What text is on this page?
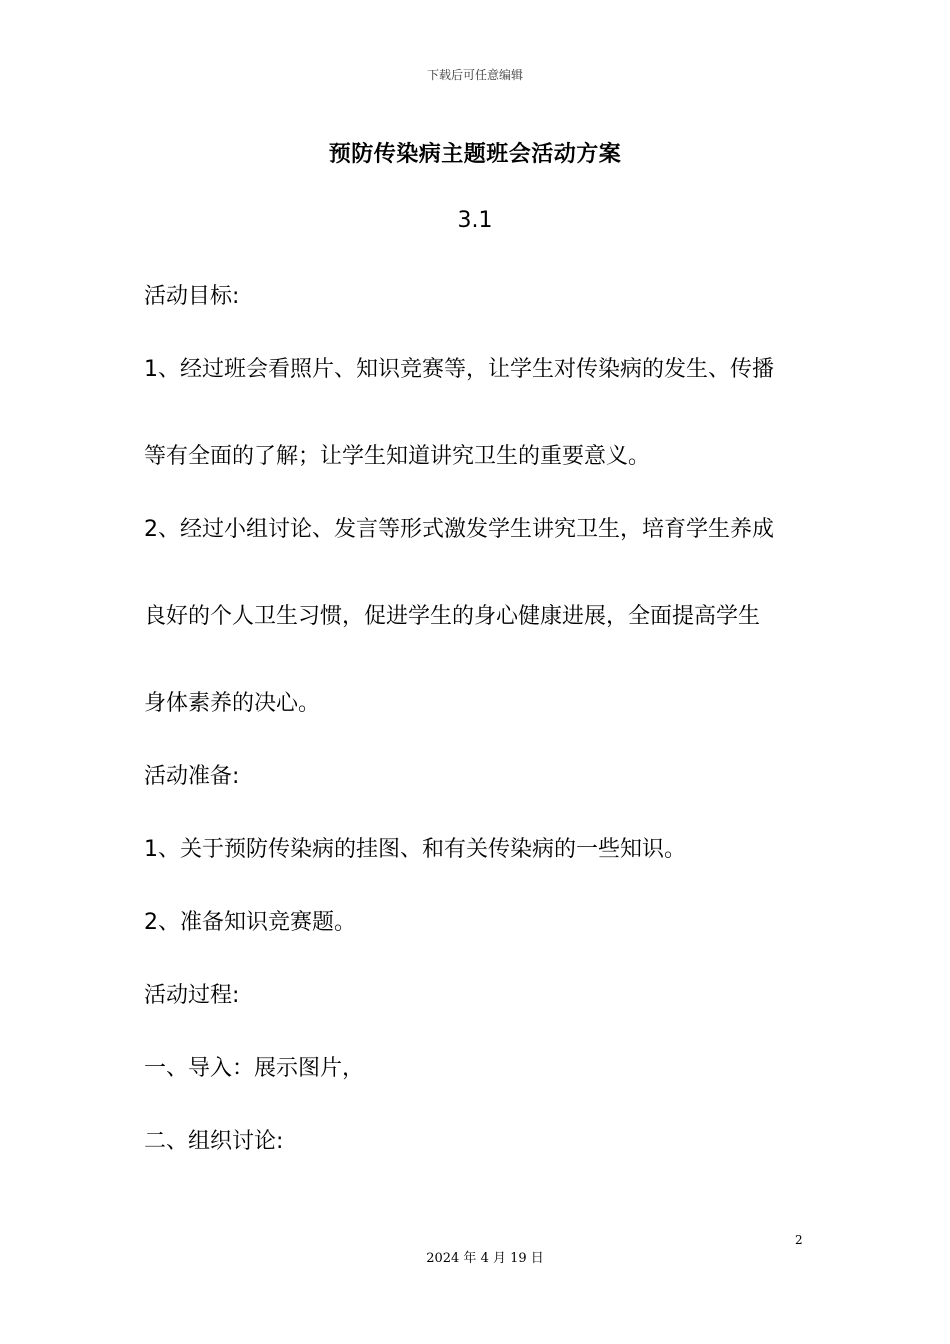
下载后可任意编辑
预防传染病主题班会活动方案
3.1
活动目标:
1、经过班会看照片、知识竞赛等，让学生对传染病的发生、传播
等有全面的了解；让学生知道讲究卫生的重要意义。
2、经过小组讨论、发言等形式激发学生讲究卫生，培育学生养成
良好的个人卫生习惯，促进学生的身心健康进展，全面提高学生
身体素养的决心。
活动准备:
1、关于预防传染病的挂图、和有关传染病的一些知识。
2、准备知识竞赛题。
活动过程:
一、导入：展示图片，
二、组织讨论:
2
2024 年 4 月 19 日
